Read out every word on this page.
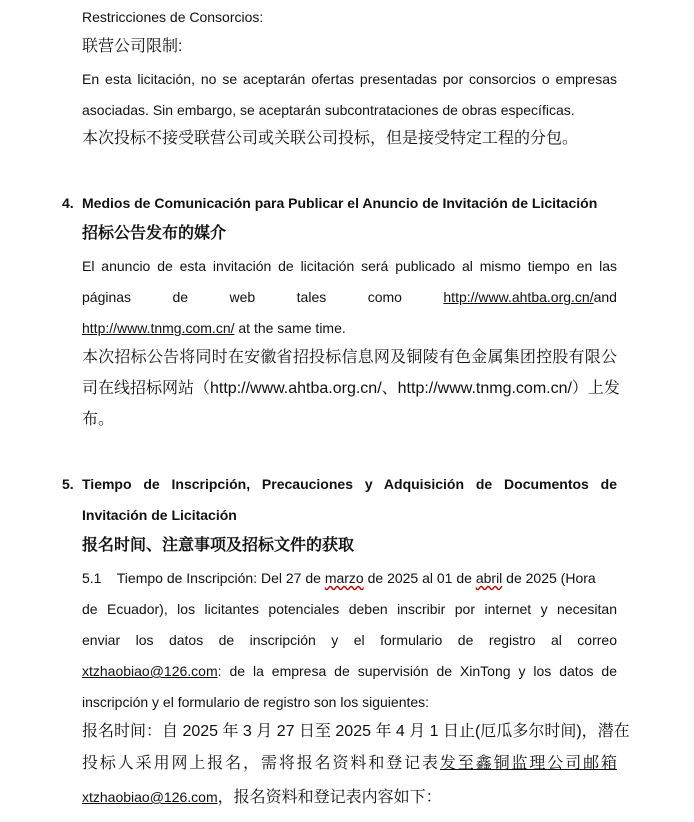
Restricciones de Consorcios:
联营公司限制:
En esta licitación, no se aceptarán ofertas presentadas por consorcios o empresas
asociadas. Sin embargo, se aceptarán subcontrataciones de obras específicas.
本次投标不接受联营公司或关联公司投标，但是接受特定工程的分包。
4. Medios de Comunicación para Publicar el Anuncio de Invitación de Licitación
招标公告发布的媒介
El anuncio de esta invitación de licitación será publicado al mismo tiempo en las
páginas	de	web	tales	como	http://www.ahtba.org.cn/and
http://www.tnmg.com.cn/ at the same time.
本次招标公告将同时在安徽省招投标信息网及铜陵有色金属集团控股有限公
司在线招标网站（http://www.ahtba.org.cn/、http://www.tnmg.com.cn/）上发
布。
5. Tiempo de Inscripción, Precauciones y Adquisición de Documentos de
Invitación de Licitación
报名时间、注意事项及招标文件的获取
5.1    Tiempo de Inscripción: Del 27 de marzo de 2025 al 01 de abril de 2025 (Hora
de Ecuador), los licitantes potenciales deben inscribir por internet y necesitan
enviar los datos de inscripción y el formulario de registro al correo
xtzhaobiao@126.com: de la empresa de supervisión de XinTong y los datos de
inscripción y el formulario de registro son los siguientes:
报名时间：自 2025 年 3 月 27 日至 2025 年 4 月 1 日止(厄瓜多尔时间)，潜在
投标人采用网上报名，需将报名资料和登记表发至鑫铜监理公司邮箱
xtzhaobiao@126.com，报名资料和登记表内容如下：
